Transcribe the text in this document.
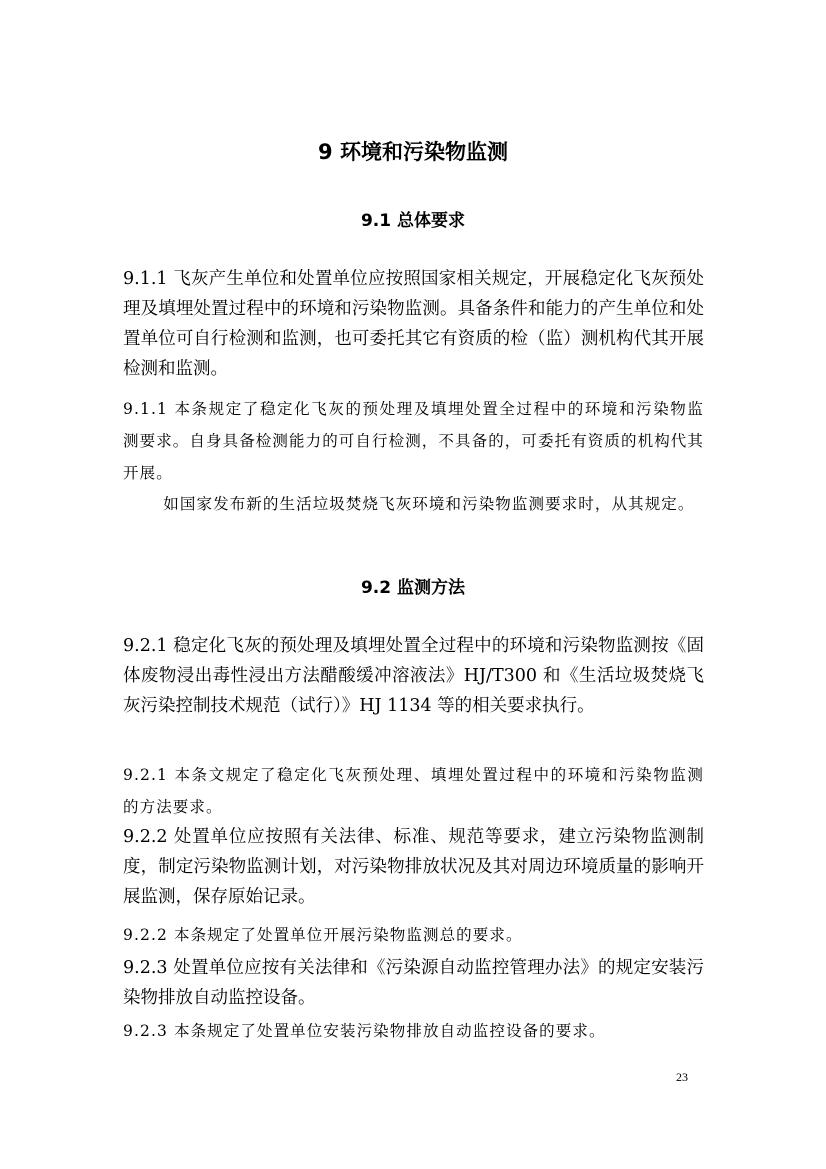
9 环境和污染物监测
9.1 总体要求
9.1.1 飞灰产生单位和处置单位应按照国家相关规定，开展稳定化飞灰预处理及填埋处置过程中的环境和污染物监测。具备条件和能力的产生单位和处置单位可自行检测和监测，也可委托其它有资质的检（监）测机构代其开展检测和监测。
9.1.1 本条规定了稳定化飞灰的预处理及填埋处置全过程中的环境和污染物监测要求。自身具备检测能力的可自行检测，不具备的，可委托有资质的机构代其开展。
如国家发布新的生活垃圾焚烧飞灰环境和污染物监测要求时，从其规定。
9.2 监测方法
9.2.1 稳定化飞灰的预处理及填埋处置全过程中的环境和污染物监测按《固体废物浸出毒性浸出方法醋酸缓冲溶液法》HJ/T300 和《生活垃圾焚烧飞灰污染控制技术规范（试行）》HJ 1134 等的相关要求执行。
9.2.1 本条文规定了稳定化飞灰预处理、填埋处置过程中的环境和污染物监测的方法要求。
9.2.2 处置单位应按照有关法律、标准、规范等要求，建立污染物监测制度，制定污染物监测计划，对污染物排放状况及其对周边环境质量的影响开展监测，保存原始记录。
9.2.2 本条规定了处置单位开展污染物监测总的要求。
9.2.3 处置单位应按有关法律和《污染源自动监控管理办法》的规定安装污染物排放自动监控设备。
9.2.3 本条规定了处置单位安装污染物排放自动监控设备的要求。
23
